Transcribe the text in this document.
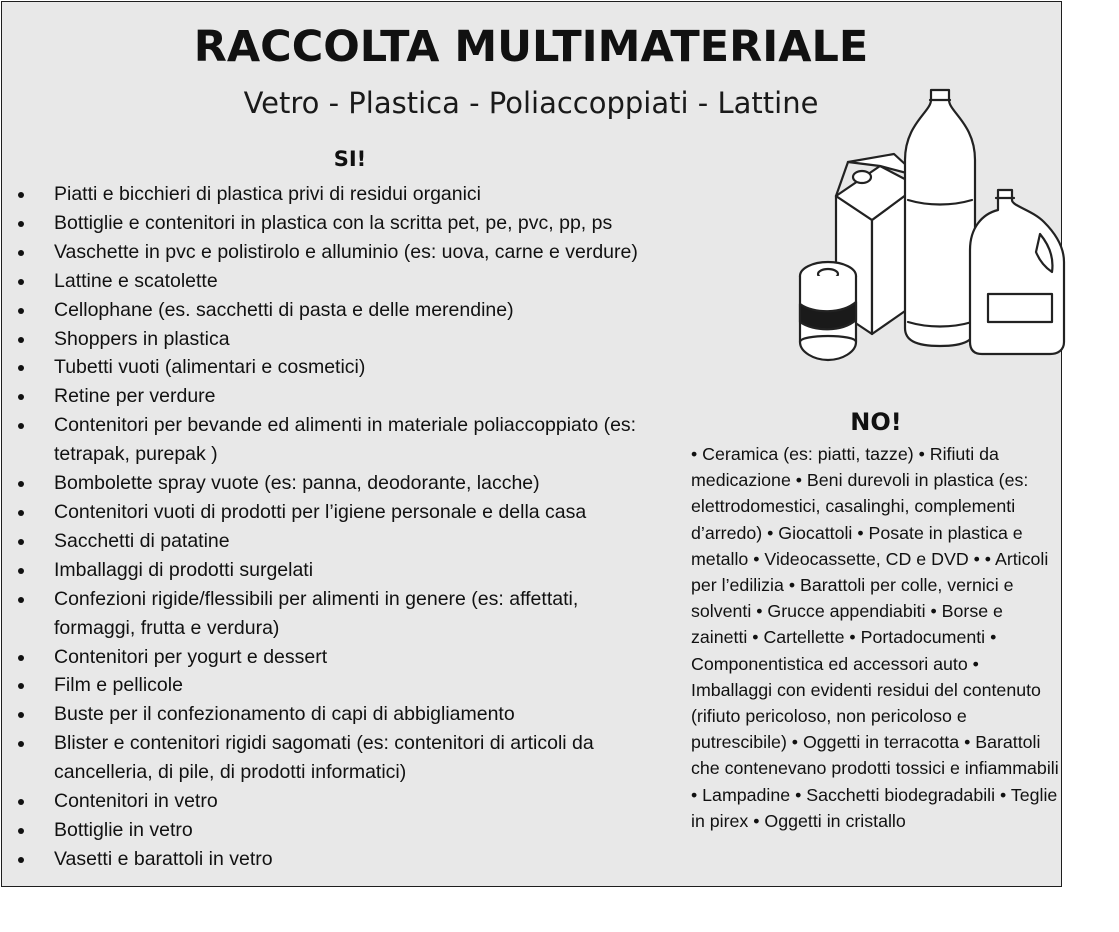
RACCOLTA MULTIMATERIALE
Vetro - Plastica - Poliaccoppiati - Lattine
SI!
Piatti e bicchieri di plastica privi di residui organici
Bottiglie e contenitori in plastica con la scritta pet, pe, pvc, pp, ps
Vaschette in pvc e polistirolo e alluminio (es: uova, carne e verdure)
Lattine e scatolette
Cellophane (es. sacchetti di pasta e delle merendine)
Shoppers in plastica
Tubetti vuoti (alimentari e cosmetici)
Retine per verdure
Contenitori per bevande ed alimenti in materiale poliaccoppiato (es: tetrapak, purepak )
Bombolette spray vuote (es: panna, deodorante, lacche)
Contenitori vuoti di prodotti per l’igiene personale e della casa
Sacchetti di patatine
Imballaggi di prodotti surgelati
Confezioni rigide/flessibili per alimenti in genere (es: affettati, formaggi, frutta e verdura)
Contenitori per yogurt e dessert
Film e pellicole
Buste per il confezionamento di capi di abbigliamento
Blister e contenitori rigidi sagomati (es: contenitori di articoli da cancelleria, di pile, di prodotti informatici)
Contenitori in vetro
Bottiglie in vetro
Vasetti e barattoli in vetro
NO!

• Ceramica (es: piatti, tazze) • Rifiuti da medicazione • Beni durevoli in plastica (es: elettrodomestici, casalinghi, complementi d’arredo) • Giocattoli • Posate in plastica e metallo • Videocassette, CD e DVD • • Articoli per l’edilizia • Barattoli per colle, vernici e solventi • Grucce appendiabiti • Borse e zainetti • Cartellette • Portadocumenti • Componentistica ed accessori auto • Imballaggi con evidenti residui del contenuto (rifiuto pericoloso, non pericoloso e putrescibile) • Oggetti in terracotta • Barattoli che contenevano prodotti tossici e infiammabili • Lampadine • Sacchetti biodegradabili • Teglie in pirex • Oggetti in cristallo
